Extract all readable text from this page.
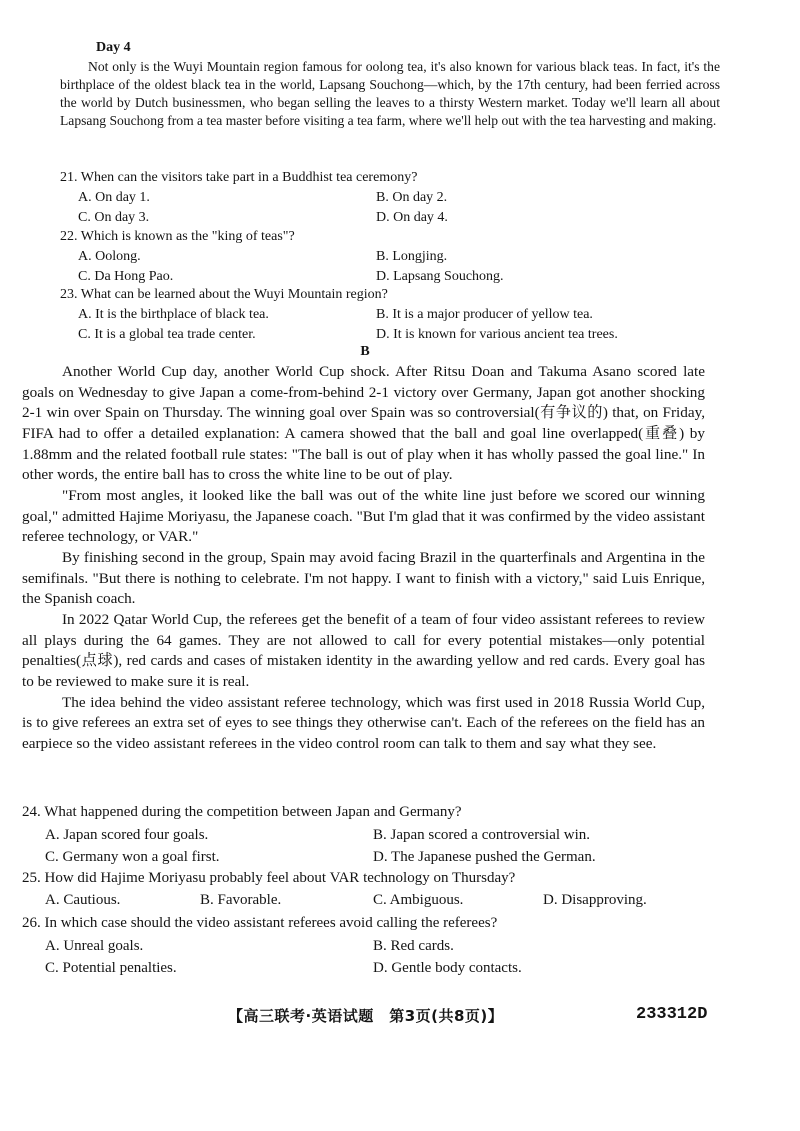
Day 4

Not only is the Wuyi Mountain region famous for oolong tea, it's also known for various black teas. In fact, it's the birthplace of the oldest black tea in the world, Lapsang Souchong—which, by the 17th century, had been ferried across the world by Dutch businessmen, who began selling the leaves to a thirsty Western market. Today we'll learn all about Lapsang Souchong from a tea master before visiting a tea farm, where we'll help out with the tea harvesting and making.

21. When can the visitors take part in a Buddhist tea ceremony?
A. On day 1.	B. On day 2.
C. On day 3.	D. On day 4.
22. Which is known as the "king of teas"?
A. Oolong.	B. Longjing.
C. Da Hong Pao.	D. Lapsang Souchong.
23. What can be learned about the Wuyi Mountain region?
A. It is the birthplace of black tea.	B. It is a major producer of yellow tea.
C. It is a global tea trade center.	D. It is known for various ancient tea trees.
B

Another World Cup day, another World Cup shock. After Ritsu Doan and Takuma Asano scored late goals on Wednesday to give Japan a come-from-behind 2-1 victory over Germany, Japan got another shocking 2-1 win over Spain on Thursday. The winning goal over Spain was so controversial(有争议的) that, on Friday, FIFA had to offer a detailed explanation: A camera showed that the ball and goal line overlapped(重叠) by 1.88mm and the related football rule states: "The ball is out of play when it has wholly passed the goal line." In other words, the entire ball has to cross the white line to be out of play.

"From most angles, it looked like the ball was out of the white line just before we scored our winning goal," admitted Hajime Moriyasu, the Japanese coach. "But I'm glad that it was confirmed by the video assistant referee technology, or VAR."

By finishing second in the group, Spain may avoid facing Brazil in the quarterfinals and Argentina in the semifinals. "But there is nothing to celebrate. I'm not happy. I want to finish with a victory," said Luis Enrique, the Spanish coach.

In 2022 Qatar World Cup, the referees get the benefit of a team of four video assistant referees to review all plays during the 64 games. They are not allowed to call for every potential mistakes—only potential penalties(点球), red cards and cases of mistaken identity in the awarding yellow and red cards. Every goal has to be reviewed to make sure it is real.

The idea behind the video assistant referee technology, which was first used in 2018 Russia World Cup, is to give referees an extra set of eyes to see things they otherwise can't. Each of the referees on the field has an earpiece so the video assistant referees in the video control room can talk to them and say what they see.

24. What happened during the competition between Japan and Germany?
A. Japan scored four goals.	B. Japan scored a controversial win.
C. Germany won a goal first.	D. The Japanese pushed the German.
25. How did Hajime Moriyasu probably feel about VAR technology on Thursday?
A. Cautious.	B. Favorable.	C. Ambiguous.	D. Disapproving.
26. In which case should the video assistant referees avoid calling the referees?
A. Unreal goals.	B. Red cards.
C. Potential penalties.	D. Gentle body contacts.
【高三联考·英语试题　第3页(共8页)】	233312D
